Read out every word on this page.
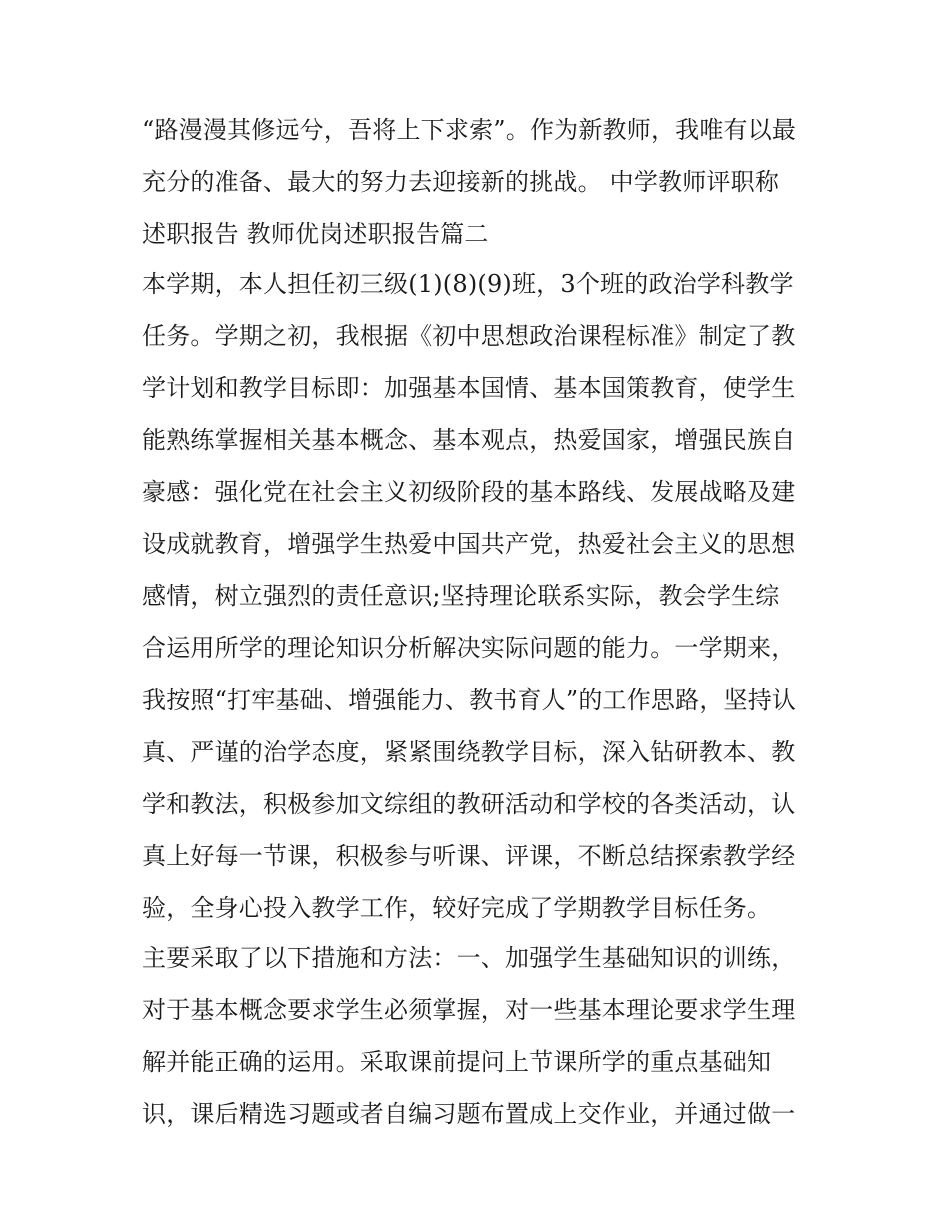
“路漫漫其修远兮，吾将上下求索”。作为新教师，我唯有以最
充分的准备、最大的努力去迎接新的挑战。 中学教师评职称
述职报告 教师优岗述职报告篇二
本学期，本人担任初三级(1)(8)(9)班，3个班的政治学科教学
任务。学期之初，我根据《初中思想政治课程标准》制定了教
学计划和教学目标即：加强基本国情、基本国策教育，使学生
能熟练掌握相关基本概念、基本观点，热爱国家，增强民族自
豪感：强化党在社会主义初级阶段的基本路线、发展战略及建
设成就教育，增强学生热爱中国共产党，热爱社会主义的思想
感情，树立强烈的责任意识;坚持理论联系实际，教会学生综
合运用所学的理论知识分析解决实际问题的能力。一学期来，
我按照“打牢基础、增强能力、教书育人”的工作思路，坚持认
真、严谨的治学态度，紧紧围绕教学目标，深入钻研教本、教
学和教法，积极参加文综组的教研活动和学校的各类活动，认
真上好每一节课，积极参与听课、评课，不断总结探索教学经
验，全身心投入教学工作，较好完成了学期教学目标任务。
主要采取了以下措施和方法：一、加强学生基础知识的训练，
对于基本概念要求学生必须掌握，对一些基本理论要求学生理
解并能正确的运用。采取课前提问上节课所学的重点基础知
识，课后精选习题或者自编习题布置成上交作业，并通过做一
